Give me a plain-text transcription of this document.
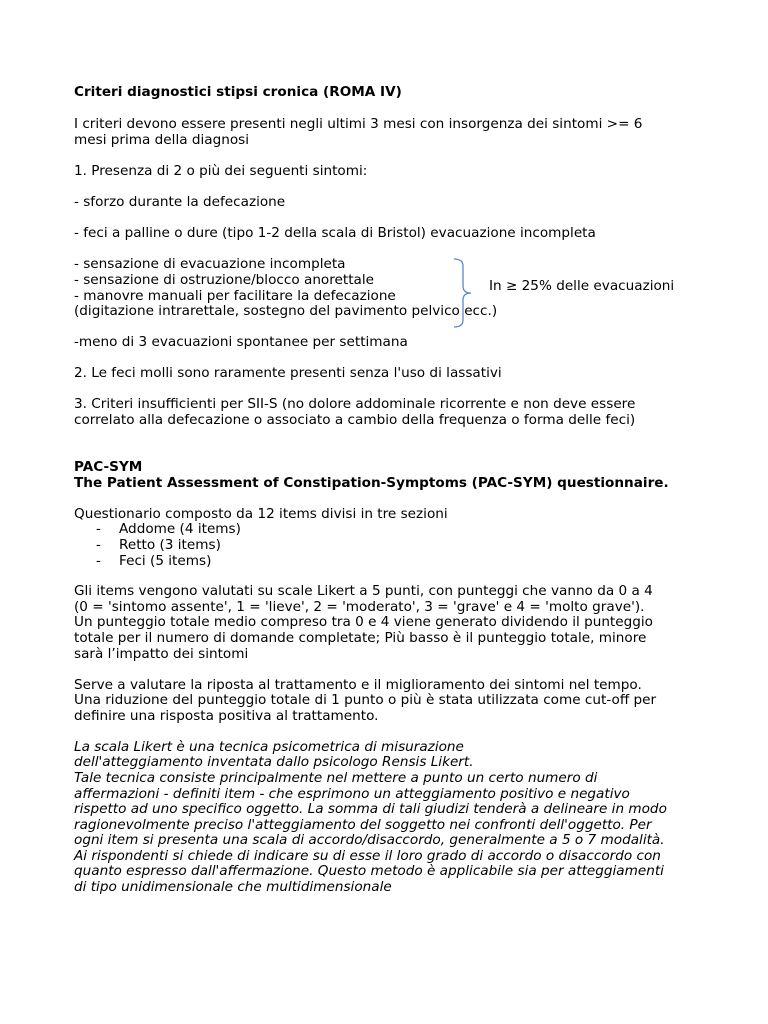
Criteri diagnostici stipsi cronica (ROMA IV)
I criteri devono essere presenti negli ultimi 3 mesi con insorgenza dei sintomi >= 6
mesi prima della diagnosi
1. Presenza di 2 o più dei seguenti sintomi:
- sforzo durante la defecazione
- feci a palline o dure (tipo 1-2 della scala di Bristol) evacuazione incompleta
- sensazione di evacuazione incompleta
- sensazione di ostruzione/blocco anorettale
- manovre manuali per facilitare la defecazione
(digitazione intrarettale, sostegno del pavimento pelvico ecc.)
-meno di 3 evacuazioni spontanee per settimana
2. Le feci molli sono raramente presenti senza l'uso di lassativi
3. Criteri insufficienti per SII-S (no dolore addominale ricorrente e non deve essere
correlato alla defecazione o associato a cambio della frequenza o forma delle feci)
PAC-SYM
The Patient Assessment of Constipation-Symptoms (PAC-SYM) questionnaire.
Questionario composto da 12 items divisi in tre sezioni
- Addome (4 items)
- Retto (3 items)
- Feci (5 items)
Gli items vengono valutati su scale Likert a 5 punti, con punteggi che vanno da 0 a 4
(0 = 'sintomo assente', 1 = 'lieve', 2 = 'moderato', 3 = 'grave' e 4 = 'molto grave').
Un punteggio totale medio compreso tra 0 e 4 viene generato dividendo il punteggio
totale per il numero di domande completate; Più basso è il punteggio totale, minore
sarà l’impatto dei sintomi
Serve a valutare la riposta al trattamento e il miglioramento dei sintomi nel tempo.
Una riduzione del punteggio totale di 1 punto o più è stata utilizzata come cut-off per
definire una risposta positiva al trattamento.
La scala Likert è una tecnica psicometrica di misurazione
dell'atteggiamento inventata dallo psicologo Rensis Likert.
Tale tecnica consiste principalmente nel mettere a punto un certo numero di
affermazioni - definiti item - che esprimono un atteggiamento positivo e negativo
rispetto ad uno specifico oggetto. La somma di tali giudizi tenderà a delineare in modo
ragionevolmente preciso l'atteggiamento del soggetto nei confronti dell'oggetto. Per
ogni item si presenta una scala di accordo/disaccordo, generalmente a 5 o 7 modalità.
Ai rispondenti si chiede di indicare su di esse il loro grado di accordo o disaccordo con
quanto espresso dall'affermazione. Questo metodo è applicabile sia per atteggiamenti
di tipo unidimensionale che multidimensionale
In ≥ 25% delle evacuazioni
